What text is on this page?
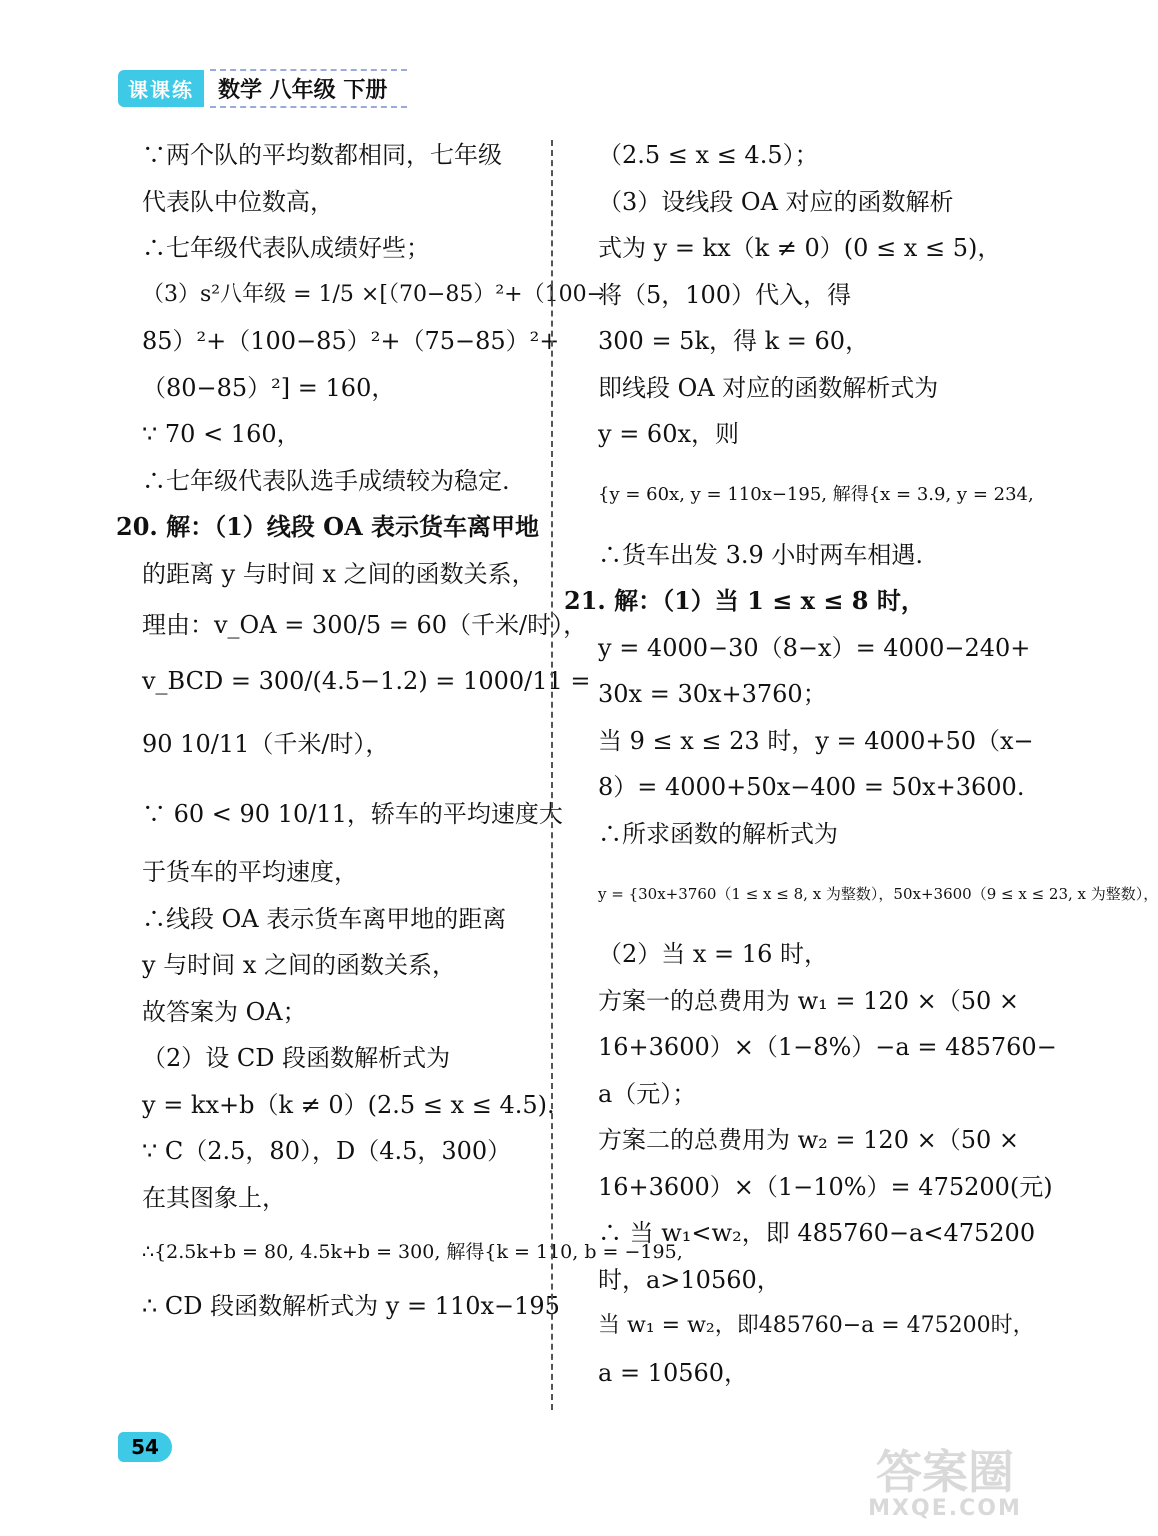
课课练	数学 八年级 下册
∵两个队的平均数都相同，七年级
代表队中位数高，
∴七年级代表队成绩好些；
（3）s²八年级 = 1/5 ×[（70−85）²+（100−
85）²+（100−85）²+（75−85）²+
（80−85）²] = 160，
∵ 70 < 160，
∴七年级代表队选手成绩较为稳定.
20. 解：（1）线段 OA 表示货车离甲地
的距离 y 与时间 x 之间的函数关系，
理由：v_OA = 300/5 = 60（千米/时），
v_BCD = 300/(4.5−1.2) = 1000/11 =
90 10/11（千米/时），
∵ 60 < 90 10/11，轿车的平均速度大
于货车的平均速度，
∴线段 OA 表示货车离甲地的距离
y 与时间 x 之间的函数关系，
故答案为 OA；
（2）设 CD 段函数解析式为
y = kx+b（k ≠ 0）(2.5 ≤ x ≤ 4.5).
∵ C（2.5，80），D（4.5，300）
在其图象上，
∴{2.5k+b = 80, 4.5k+b = 300, 解得{k = 110, b = −195,
∴ CD 段函数解析式为 y = 110x−195
（2.5 ≤ x ≤ 4.5）；
（3）设线段 OA 对应的函数解析
式为 y = kx（k ≠ 0）(0 ≤ x ≤ 5)，
将（5，100）代入，得
300 = 5k，得 k = 60，
即线段 OA 对应的函数解析式为
y = 60x，则
{y = 60x, y = 110x−195, 解得{x = 3.9, y = 234,
∴货车出发 3.9 小时两车相遇.
21. 解：（1）当 1 ≤ x ≤ 8 时，
y = 4000−30（8−x）= 4000−240+
30x = 30x+3760；
当 9 ≤ x ≤ 23 时，y = 4000+50（x−
8）= 4000+50x−400 = 50x+3600.
∴所求函数的解析式为
y = {30x+3760（1 ≤ x ≤ 8, x 为整数），50x+3600（9 ≤ x ≤ 23, x 为整数），
（2）当 x = 16 时，
方案一的总费用为 w₁ = 120 ×（50 ×
16+3600）×（1−8%）−a = 485760−
a（元）；
方案二的总费用为 w₂ = 120 ×（50 ×
16+3600）×（1−10%）= 475200(元)
∴ 当 w₁<w₂，即 485760−a<475200
时，a>10560，
当 w₁ = w₂，即485760−a = 475200时，
a = 10560，
54	答案圈
MXQE.COM
